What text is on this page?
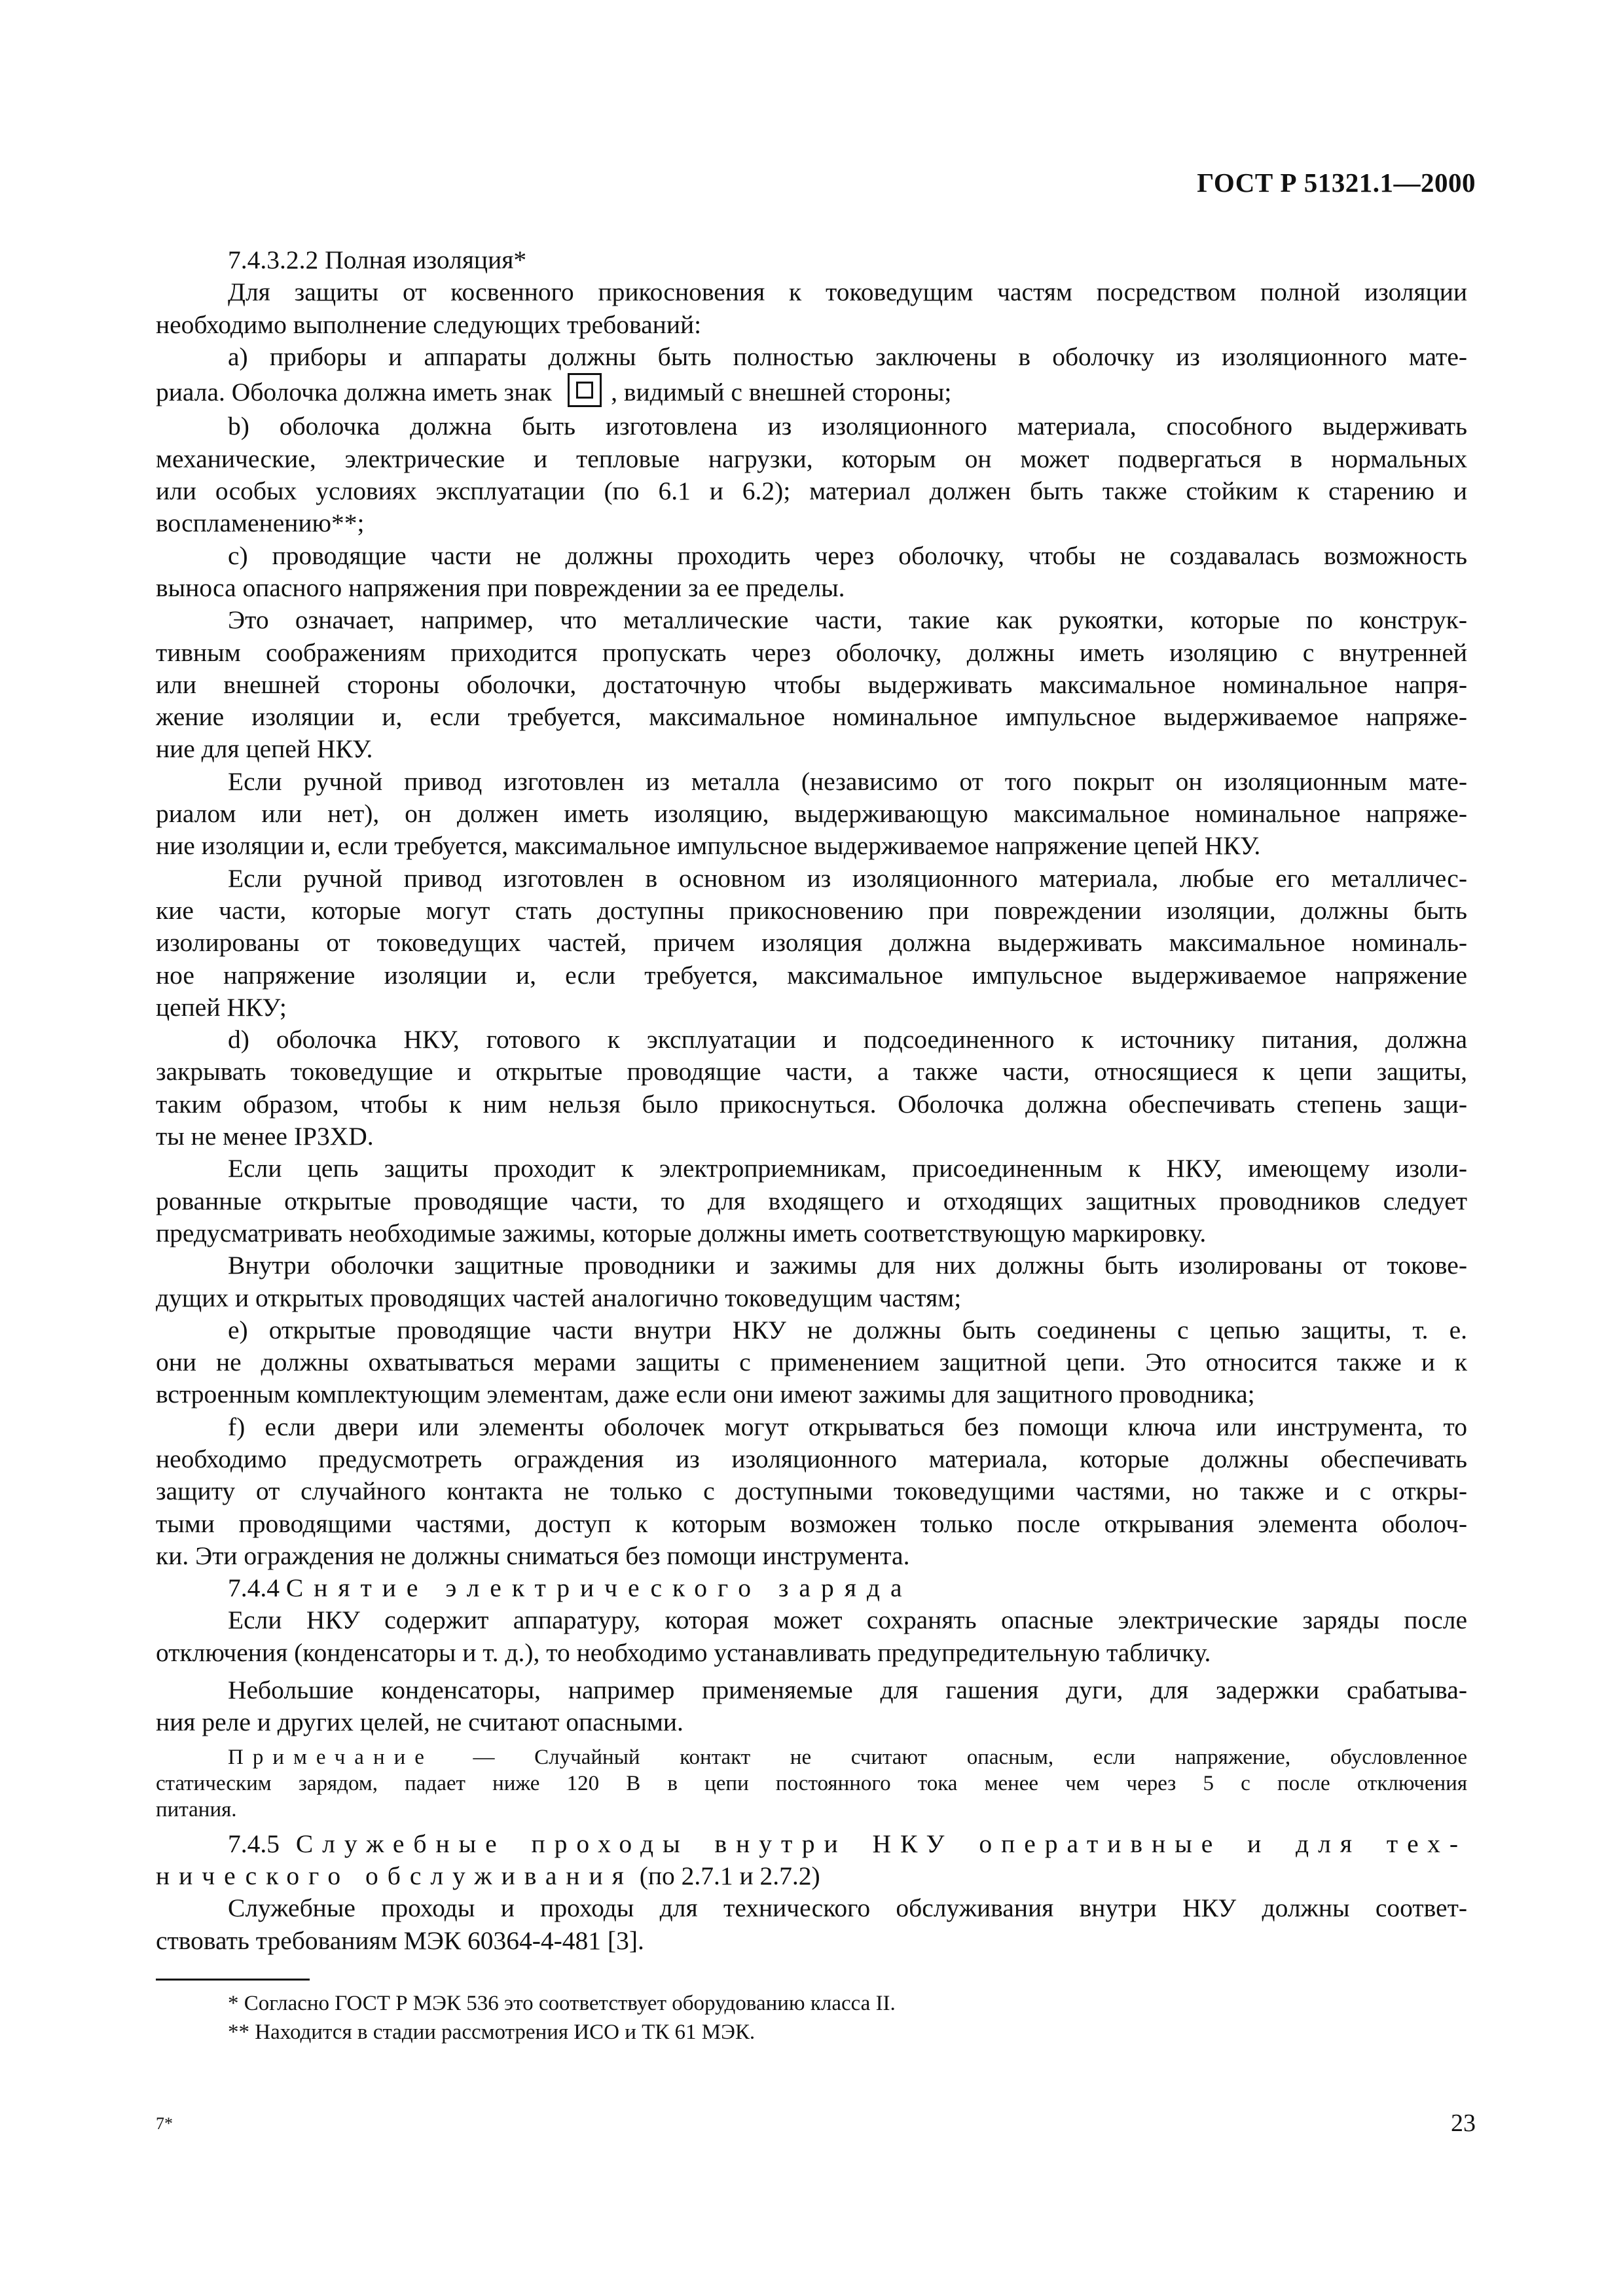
ГОСТ Р 51321.1—2000
7.4.3.2.2 Полная изоляция*
Для защиты от косвенного прикосновения к токоведущим частям посредством полной изоляции
необходимо выполнение следующих требований:
а) приборы и аппараты должны быть полностью заключены в оболочку из изоляционного мате-
риала. Оболочка должна иметь знак , видимый с внешней стороны;
b) оболочка должна быть изготовлена из изоляционного материала, способного выдерживать
механические, электрические и тепловые нагрузки, которым он может подвергаться в нормальных
или особых условиях эксплуатации (по 6.1 и 6.2); материал должен быть также стойким к старению и
воспламенению**;
с) проводящие части не должны проходить через оболочку, чтобы не создавалась возможность
выноса опасного напряжения при повреждении за ее пределы.
Это означает, например, что металлические части, такие как рукоятки, которые по конструк-
тивным соображениям приходится пропускать через оболочку, должны иметь изоляцию с внутренней
или внешней стороны оболочки, достаточную чтобы выдерживать максимальное номинальное напря-
жение изоляции и, если требуется, максимальное номинальное импульсное выдерживаемое напряже-
ние для цепей НКУ.
Если ручной привод изготовлен из металла (независимо от того покрыт он изоляционным мате-
риалом или нет), он должен иметь изоляцию, выдерживающую максимальное номинальное напряже-
ние изоляции и, если требуется, максимальное импульсное выдерживаемое напряжение цепей НКУ.
Если ручной привод изготовлен в основном из изоляционного материала, любые его металличес-
кие части, которые могут стать доступны прикосновению при повреждении изоляции, должны быть
изолированы от токоведущих частей, причем изоляция должна выдерживать максимальное номиналь-
ное напряжение изоляции и, если требуется, максимальное импульсное выдерживаемое напряжение
цепей НКУ;
d) оболочка НКУ, готового к эксплуатации и подсоединенного к источнику питания, должна
закрывать токоведущие и открытые проводящие части, а также части, относящиеся к цепи защиты,
таким образом, чтобы к ним нельзя было прикоснуться. Оболочка должна обеспечивать степень защи-
ты не менее IP3XD.
Если цепь защиты проходит к электроприемникам, присоединенным к НКУ, имеющему изоли-
рованные открытые проводящие части, то для входящего и отходящих защитных проводников следует
предусматривать необходимые зажимы, которые должны иметь соответствующую маркировку.
Внутри оболочки защитные проводники и зажимы для них должны быть изолированы от токове-
дущих и открытых проводящих частей аналогично токоведущим частям;
е) открытые проводящие части внутри НКУ не должны быть соединены с цепью защиты, т. е.
они не должны охватываться мерами защиты с применением защитной цепи. Это относится также и к
встроенным комплектующим элементам, даже если они имеют зажимы для защитного проводника;
f) если двери или элементы оболочек могут открываться без помощи ключа или инструмента, то
необходимо предусмотреть ограждения из изоляционного материала, которые должны обеспечивать
защиту от случайного контакта не только с доступными токоведущими частями, но также и с откры-
тыми проводящими частями, доступ к которым возможен только после открывания элемента оболоч-
ки. Эти ограждения не должны сниматься без помощи инструмента.
7.4.4 Снятие электрического заряда
Если НКУ содержит аппаратуру, которая может сохранять опасные электрические заряды после
отключения (конденсаторы и т. д.), то необходимо устанавливать предупредительную табличку.
Небольшие конденсаторы, например применяемые для гашения дуги, для задержки срабатыва-
ния реле и других целей, не считают опасными.
Примечание — Случайный контакт не считают опасным, если напряжение, обусловленное
статическим зарядом, падает ниже 120 В в цепи постоянного тока менее чем через 5 с после отключения
питания.
7.4.5 Служебные проходы внутри НКУ оперативные и для тех-
нического обслуживания (по 2.7.1 и 2.7.2)
Служебные проходы и проходы для технического обслуживания внутри НКУ должны соответ-
ствовать требованиям МЭК 60364-4-481 [3].
* Согласно ГОСТ Р МЭК 536 это соответствует оборудованию класса II.
** Находится в стадии рассмотрения ИСО и ТК 61 МЭК.
7*	23
